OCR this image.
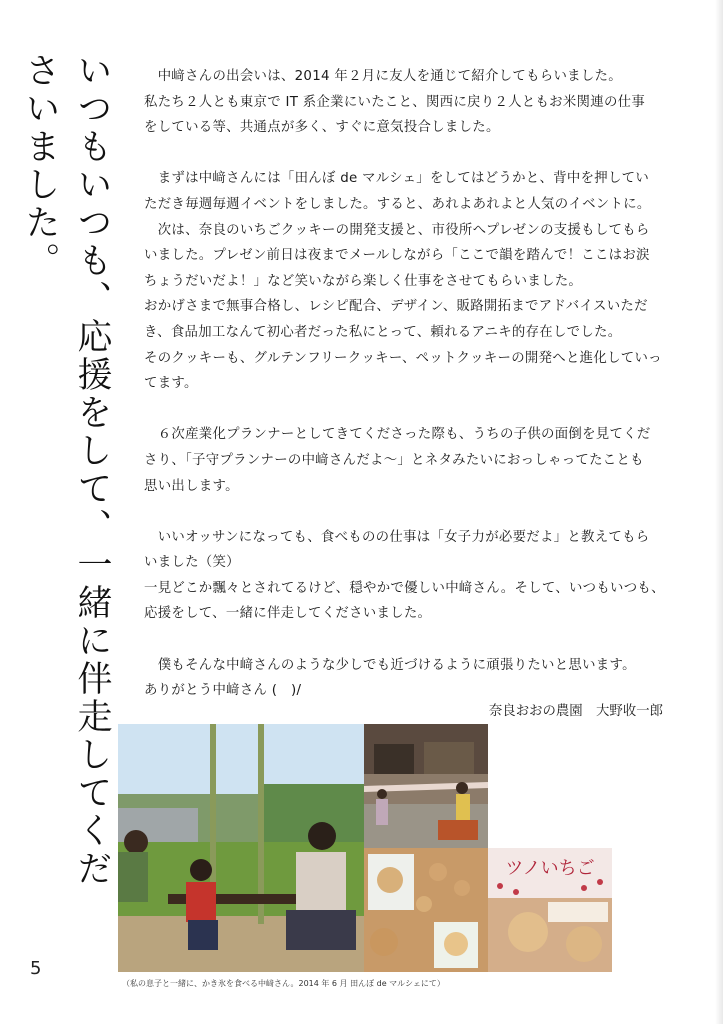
いつもいつも、応援をして、一緒に伴走してくださいました。	　中﨑さんの出会いは、2014 年２月に友人を通じて紹介してもらいました。
私たち２人とも東京で IT 系企業にいたこと、関西に戻り２人ともお米関連の仕事
をしている等、共通点が多く、すぐに意気投合しました。

　まずは中﨑さんには「田んぼ de マルシェ」をしてはどうかと、背中を押してい
ただき毎週毎週イベントをしました。すると、あれよあれよと人気のイベントに。
　次は、奈良のいちごクッキーの開発支援と、市役所へプレゼンの支援もしてもら
いました。プレゼン前日は夜までメールしながら「ここで韻を踏んで！ここはお涙
ちょうだいだよ！」など笑いながら楽しく仕事をさせてもらいました。
おかげさまで無事合格し、レシピ配合、デザイン、販路開拓までアドバイスいただ
き、食品加工なんて初心者だった私にとって、頼れるアニキ的存在しでした。
そのクッキーも、グルテンフリークッキー、ペットクッキーの開発へと進化していっ
てます。

　６次産業化プランナーとしてきてくださった際も、うちの子供の面倒を見てくだ
さり、「子守プランナーの中﨑さんだよ～」とネタみたいにおっしゃってたことも
思い出します。

　いいオッサンになっても、食べものの仕事は「女子力が必要だよ」と教えてもら
いました（笑）
一見どこか飄々とされてるけど、穏やかで優しい中﨑さん。そして、いつもいつも、
応援をして、一緒に伴走してくださいました。

　僕もそんな中﨑さんのような少しでも近づけるように頑張りたいと思います。
ありがとう中﨑さん (　)/

奈良おおの農園　大野收一郎
ツノいちご
（私の息子と一緒に、かき氷を食べる中﨑さん。2014 年 6 月 田んぼ de マルシェにて）
5
